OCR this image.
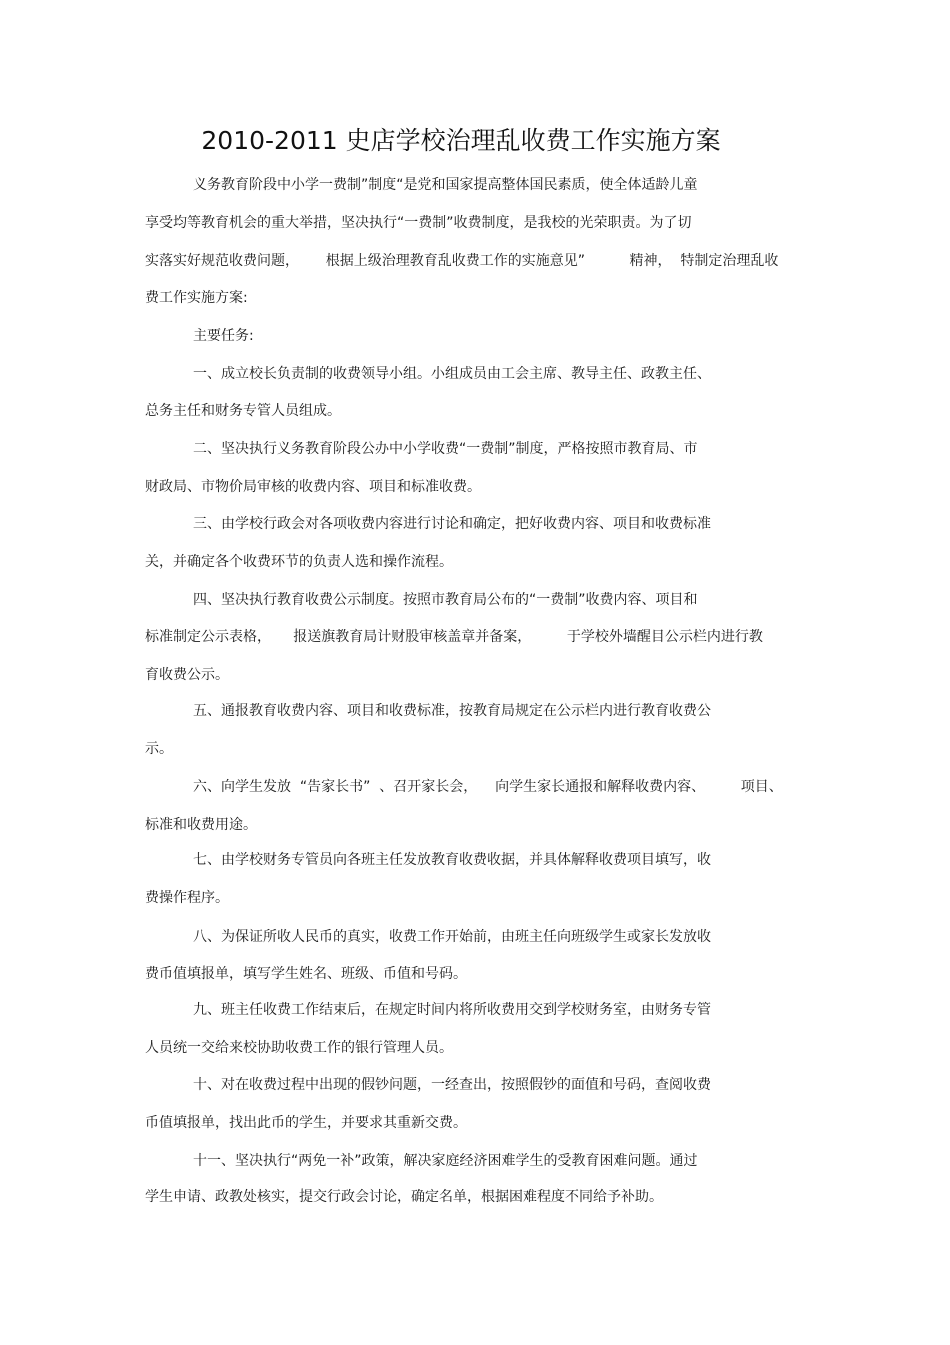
2010-2011 史店学校治理乱收费工作实施方案
义务教育阶段中小学一费制”制度“是党和国家提高整体国民素质，使全体适龄儿童
享受均等教育机会的重大举措，坚决执行“一费制”收费制度，是我校的光荣职责。为了切
实落实好规范收费问题，      根据上级治理教育乱收费工作的实施意见”          精神，  特制定治理乱收
费工作实施方案:
主要任务:
一、成立校长负责制的收费领导小组。小组成员由工会主席、教导主任、政教主任、
总务主任和财务专管人员组成。
二、坚决执行义务教育阶段公办中小学收费“一费制”制度，严格按照市教育局、市
财政局、市物价局审核的收费内容、项目和标准收费。
三、由学校行政会对各项收费内容进行讨论和确定，把好收费内容、项目和收费标准
关，并确定各个收费环节的负责人选和操作流程。
四、坚决执行教育收费公示制度。按照市教育局公布的“一费制”收费内容、项目和
标准制定公示表格，     报送旗教育局计财股审核盖章并备案，        于学校外墙醒目公示栏内进行教
育收费公示。
五、通报教育收费内容、项目和收费标准，按教育局规定在公示栏内进行教育收费公
示。
六、向学生发放  “告家长书”  、召开家长会，    向学生家长通报和解释收费内容、        项目、
标准和收费用途。
七、由学校财务专管员向各班主任发放教育收费收据，并具体解释收费项目填写，收
费操作程序。
八、为保证所收人民币的真实，收费工作开始前，由班主任向班级学生或家长发放收
费币值填报单，填写学生姓名、班级、币值和号码。
九、班主任收费工作结束后，在规定时间内将所收费用交到学校财务室，由财务专管
人员统一交给来校协助收费工作的银行管理人员。
十、对在收费过程中出现的假钞问题，一经查出，按照假钞的面值和号码，查阅收费
币值填报单，找出此币的学生，并要求其重新交费。
十一、坚决执行“两免一补”政策，解决家庭经济困难学生的受教育困难问题。通过
学生申请、政教处核实，提交行政会讨论，确定名单，根据困难程度不同给予补助。
